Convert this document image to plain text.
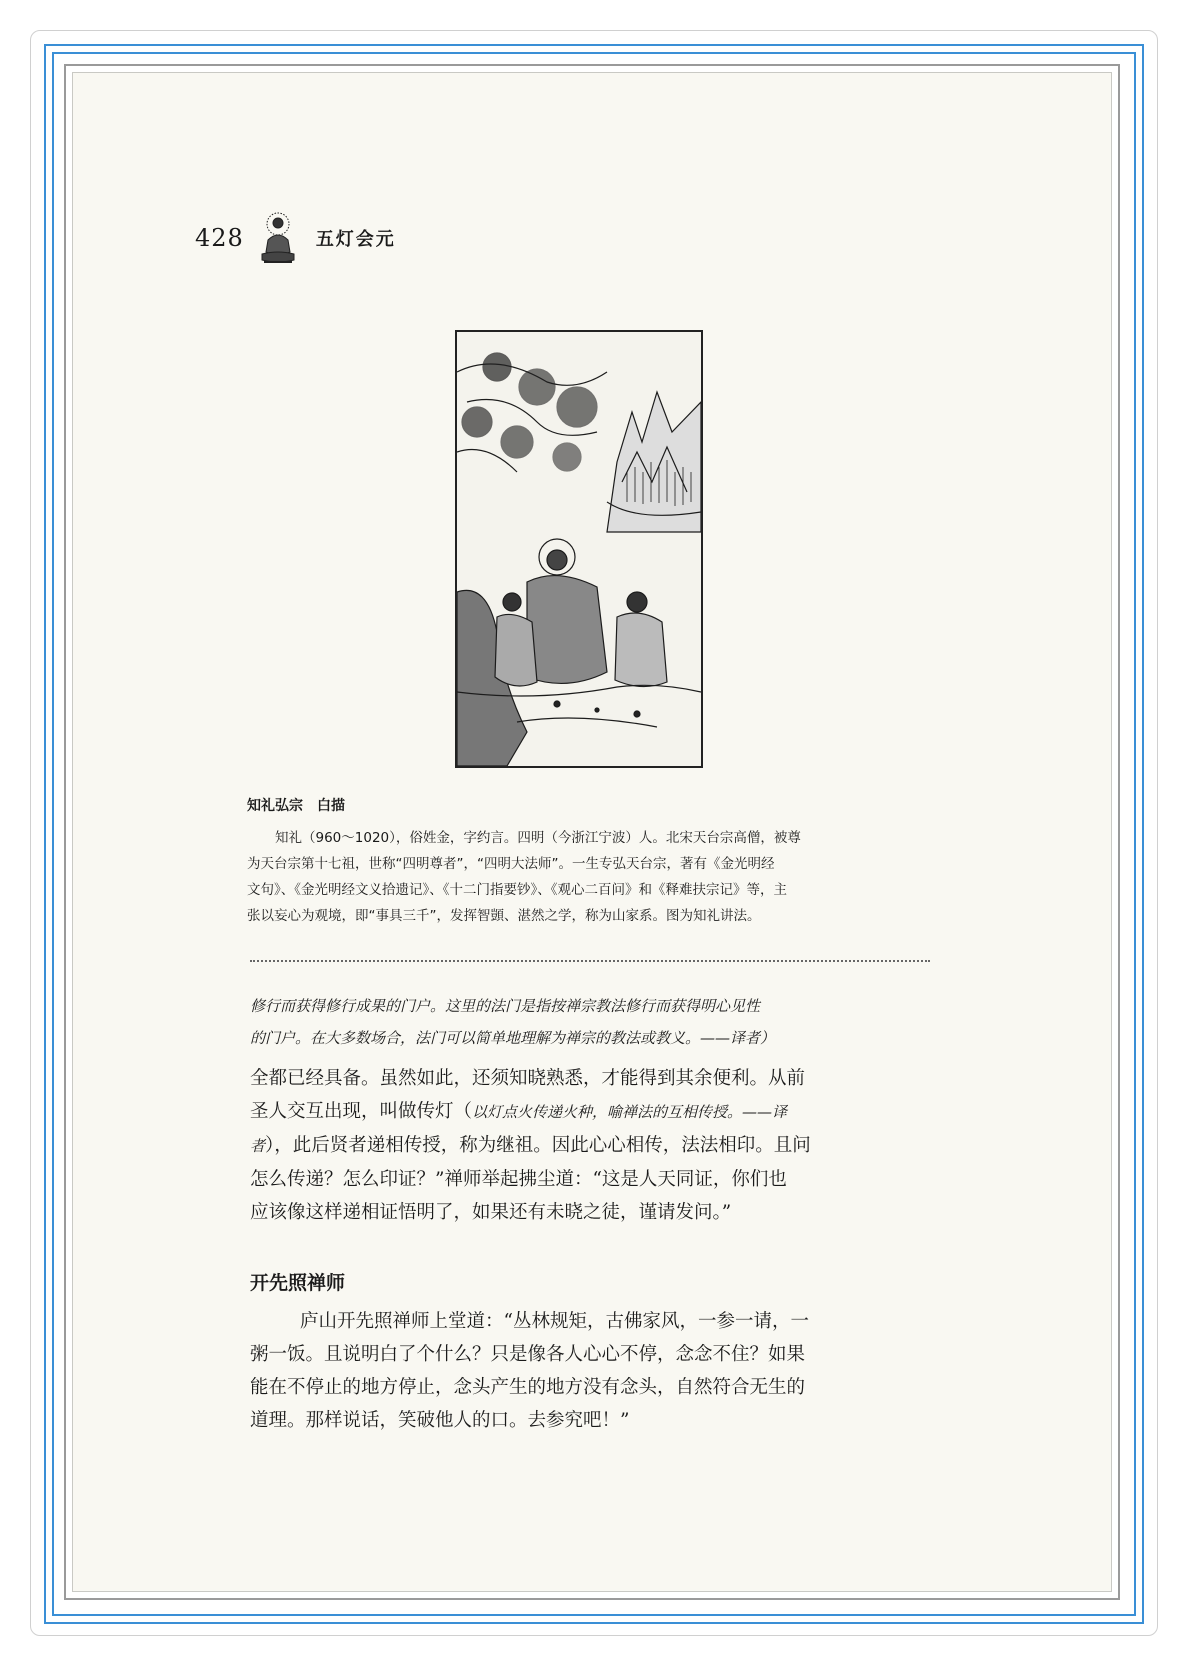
428	五灯会元
知礼弘宗　白描
知礼（960～1020），俗姓金，字约言。四明（今浙江宁波）人。北宋天台宗高僧，被尊
为天台宗第十七祖，世称“四明尊者”，“四明大法师”。一生专弘天台宗，著有《金光明经
文句》、《金光明经文义拾遗记》、《十二门指要钞》、《观心二百问》和《释难扶宗记》等，主
张以妄心为观境，即“事具三千”，发挥智顗、湛然之学，称为山家系。图为知礼讲法。
修行而获得修行成果的门户。这里的法门是指按禅宗教法修行而获得明心见性
的门户。在大多数场合，法门可以简单地理解为禅宗的教法或教义。——译者）
全都已经具备。虽然如此，还须知晓熟悉，才能得到其余便利。从前
圣人交互出现，叫做传灯（以灯点火传递火种，喻禅法的互相传授。——译
者），此后贤者递相传授，称为继祖。因此心心相传，法法相印。且问
怎么传递？怎么印证？”禅师举起拂尘道：“这是人天同证，你们也
应该像这样递相证悟明了，如果还有未晓之徒，谨请发问。”
开先照禅师
庐山开先照禅师上堂道：“丛林规矩，古佛家风，一参一请，一
粥一饭。且说明白了个什么？只是像各人心心不停，念念不住？如果
能在不停止的地方停止，念头产生的地方没有念头，自然符合无生的
道理。那样说话，笑破他人的口。去参究吧！”
